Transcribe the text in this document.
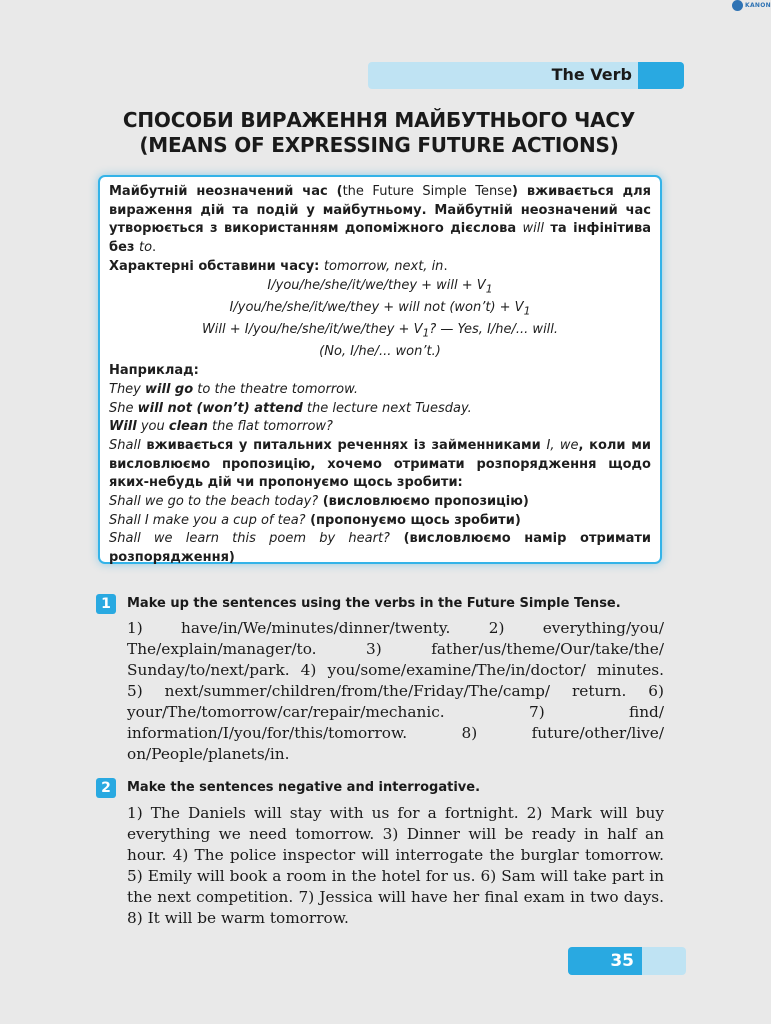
KANON
The Verb
СПОСОБИ ВИРАЖЕННЯ МАЙБУТНЬОГО ЧАСУ
(MEANS OF EXPRESSING FUTURE ACTIONS)

Майбутній неозначений час (the Future Simple Tense) вживається для вираження дій та подій у майбутньому. Майбутній неозначений час утворюється з використанням допоміжного дієслова will та інфінітива без to.

Характерні обставини часу: tomorrow, next, in.

I/you/he/she/it/we/they + will + $V_1$

I/you/he/she/it/we/they + will not (won’t) + $V_1$

Will + I/you/he/she/it/we/they + $V_1$? — Yes, I/he/... will.

(No, I/he/... won’t.)

Наприклад:

They will go to the theatre tomorrow.

She will not (won’t) attend the lecture next Tuesday.

Will you clean the flat tomorrow?

Shall вживається у питальних реченнях із займенниками I, we, коли ми висловлюємо пропозицію, хочемо отримати розпорядження щодо яких-небудь дій чи пропонуємо щось зробити:

Shall we go to the beach today? (висловлюємо пропозицію)

Shall I make you a cup of tea? (пропонуємо щось зробити)

Shall we learn this poem by heart? (висловлюємо намір отримати розпорядження)

1	Make up the sentences using the verbs in the Future Simple Tense.
1) have/in/We/minutes/dinner/twenty. 2) everything/you/ The/explain/manager/to. 3) father/us/theme/Our/take/the/ Sunday/to/next/park. 4) you/some/examine/The/in/doctor/ minutes. 5) next/summer/children/from/the/Friday/The/camp/ return. 6) your/The/tomorrow/car/repair/mechanic. 7) find/ information/I/you/for/this/tomorrow. 8) future/other/live/ on/People/planets/in.
2	Make the sentences negative and interrogative.
1) The Daniels will stay with us for a fortnight. 2) Mark will buy everything we need tomorrow. 3) Dinner will be ready in half an hour. 4) The police inspector will interrogate the burglar tomorrow. 5) Emily will book a room in the hotel for us. 6) Sam will take part in the next competition. 7) Jessica will have her final exam in two days. 8) It will be warm tomorrow.
35
